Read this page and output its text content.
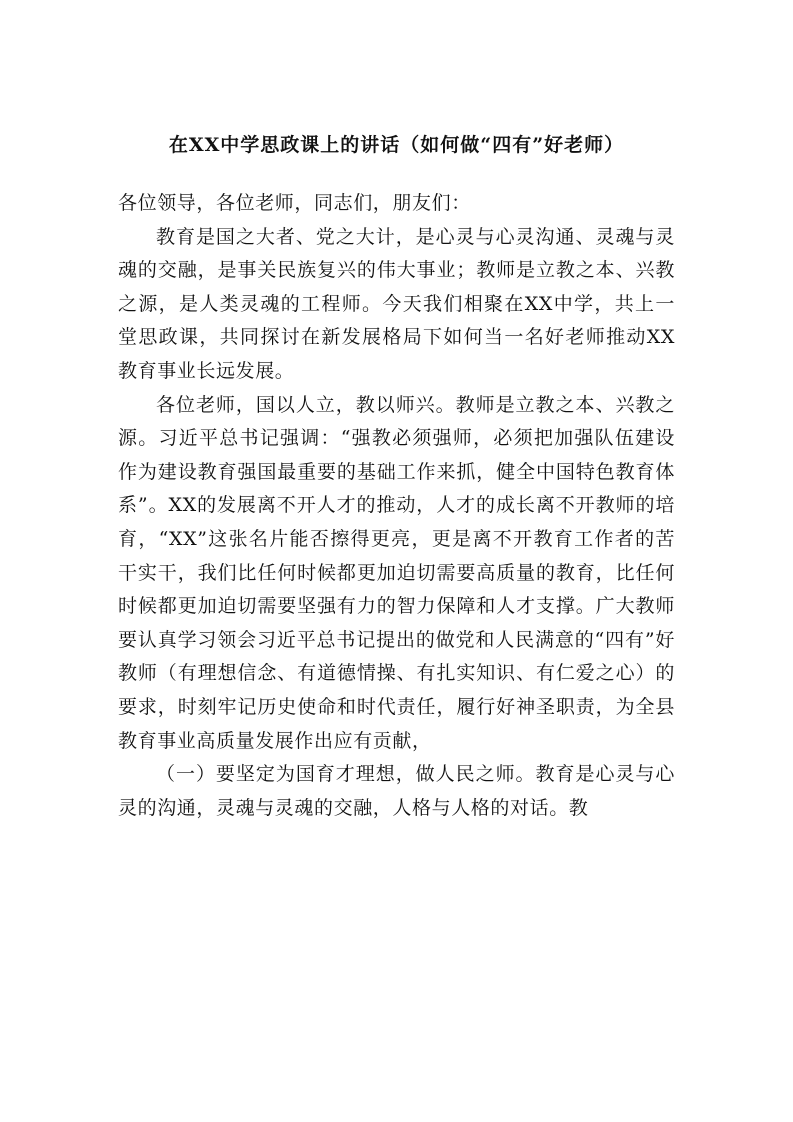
在XX中学思政课上的讲话（如何做“四有”好老师）

各位领导，各位老师，同志们，朋友们：

教育是国之大者、党之大计，是心灵与心灵沟通、灵魂与灵魂的交融，是事关民族复兴的伟大事业；教师是立教之本、兴教之源，是人类灵魂的工程师。今天我们相聚在XX中学，共上一堂思政课，共同探讨在新发展格局下如何当一名好老师推动XX教育事业长远发展。

各位老师，国以人立，教以师兴。教师是立教之本、兴教之源。习近平总书记强调：“强教必须强师，必须把加强队伍建设作为建设教育强国最重要的基础工作来抓，健全中国特色教育体系”。XX的发展离不开人才的推动，人才的成长离不开教师的培育，“XX”这张名片能否擦得更亮，更是离不开教育工作者的苦干实干，我们比任何时候都更加迫切需要高质量的教育，比任何时候都更加迫切需要坚强有力的智力保障和人才支撑。广大教师要认真学习领会习近平总书记提出的做党和人民满意的“四有”好教师（有理想信念、有道德情操、有扎实知识、有仁爱之心）的要求，时刻牢记历史使命和时代责任，履行好神圣职责，为全县教育事业高质量发展作出应有贡献，

（一）要坚定为国育才理想，做人民之师。教育是心灵与心灵的沟通，灵魂与灵魂的交融，人格与人格的对话。教
